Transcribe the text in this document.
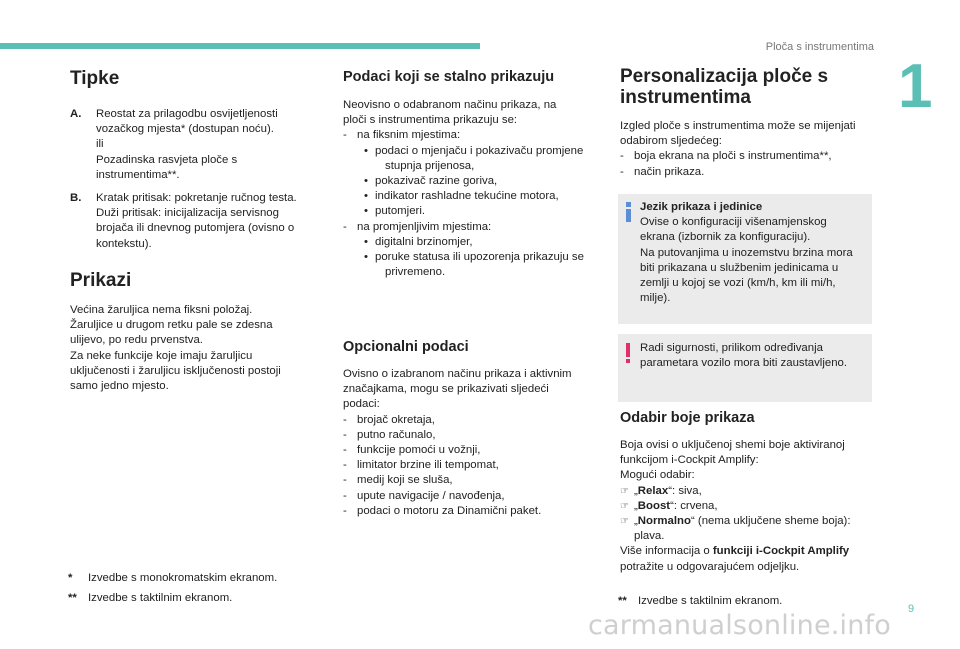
Ploča s instrumentima
1
9
carmanualsonline.info
Tipke
A. Reostat za prilagodbu osvijetljenosti

vozačkog mjesta* (dostupan noću).

ili

Pozadinska rasvjeta ploče s

instrumentima**.

B. Kratak pritisak: pokretanje ručnog testa.

Duži pritisak: inicijalizacija servisnog

brojača ili dnevnog putomjera (ovisno o

kontekstu).

Prikazi

Većina žaruljica nema fiksni položaj.

Žaruljice u drugom retku pale se zdesna

ulijevo, po redu prvenstva.

Za neke funkcije koje imaju žaruljicu

uključenosti i žaruljicu isključenosti postoji

samo jedno mjesto.

* Izvedbe s monokromatskim ekranom.

** Izvedbe s taktilnim ekranom.

Podaci koji se stalno prikazuju

Neovisno o odabranom načinu prikaza, na

ploči s instrumentima prikazuju se:

- na fiksnim mjestima:

• podaci o mjenjaču i pokazivaču promjene

stupnja prijenosa,

• pokazivač razine goriva,

• indikator rashladne tekućine motora,

• putomjeri.

- na promjenljivim mjestima:

• digitalni brzinomjer,

• poruke statusa ili upozorenja prikazuju se

privremeno.

Opcionalni podaci

Ovisno o izabranom načinu prikaza i aktivnim

značajkama, mogu se prikazivati sljedeći

podaci:

- brojač okretaja,

- putno računalo,

- funkcije pomoći u vožnji,

- limitator brzine ili tempomat,

- medij koji se sluša,

- upute navigacije / navođenja,

- podaci o motoru za Dinamični paket.

Personalizacija ploče s
instrumentima

Izgled ploče s instrumentima može se mijenjati

odabirom sljedećeg:

- boja ekrana na ploči s instrumentima**,

- način prikaza.

Jezik prikaza i jedinice

Ovise o konfiguraciji višenamjenskog

ekrana (izbornik za konfiguraciju).

Na putovanjima u inozemstvu brzina mora

biti prikazana u službenim jedinicama u

zemlji u kojoj se vozi (km/h, km ili mi/h,

milje).

Radi sigurnosti, prilikom određivanja

parametara vozilo mora biti zaustavljeno.

Odabir boje prikaza

Boja ovisi o uključenoj shemi boje aktiviranoj

funkcijom i-Cockpit Amplify:

Mogući odabir:

☞ „Relax“: siva,

☞ „Boost“: crvena,

☞ „Normalno“ (nema uključene sheme boja):

plava.

Više informacija o funkciji i-Cockpit Amplify

potražite u odgovarajućem odjeljku.

** Izvedbe s taktilnim ekranom.
